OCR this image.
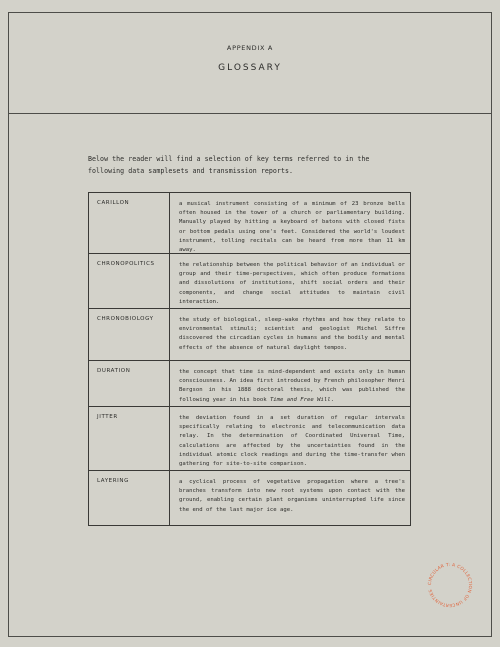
APPENDIX A
GLOSSARY
Below the reader will find a selection of key terms referred to in the following data samplesets and transmission reports.
CARILLON	a musical instrument consisting of a minimum of 23 bronze bells often housed in the tower of a church or parliamentary building. Manually played by hitting a keyboard of batons with closed fists or bottom pedals using one's feet. Considered the world's loudest instrument, tolling recitals can be heard from more than 11 km away.
CHRONOPOLITICS	the relationship between the political behavior of an individual or group and their time-perspectives, which often produce formations and dissolutions of institutions, shift social orders and their components, and change social attitudes to maintain civil interaction.
CHRONOBIOLOGY	the study of biological, sleep-wake rhythms and how they relate to environmental stimuli; scientist and geologist Michel Siffre discovered the circadian cycles in humans and the bodily and mental effects of the absence of natural daylight tempos.
DURATION	the concept that time is mind-dependent and exists only in human consciousness. An idea first introduced by French philosopher Henri Bergson in his 1888 doctoral thesis, which was published the following year in his book Time and Free Will.
JITTER	the deviation found in a set duration of regular intervals specifically relating to electronic and telecommunication data relay. In the determination of Coordinated Universal Time, calculations are affected by the uncertainties found in the individual atomic clock readings and during the time-transfer when gathering for site-to-site comparison.
LAYERING	a cyclical process of vegetative propagation where a tree's branches transform into new root systems upon contact with the ground, enabling certain plant organisms uninterrupted life since the end of the last major ice age.
CIRCULAR T: A COLLECTION OF UNCERTAINTIES
